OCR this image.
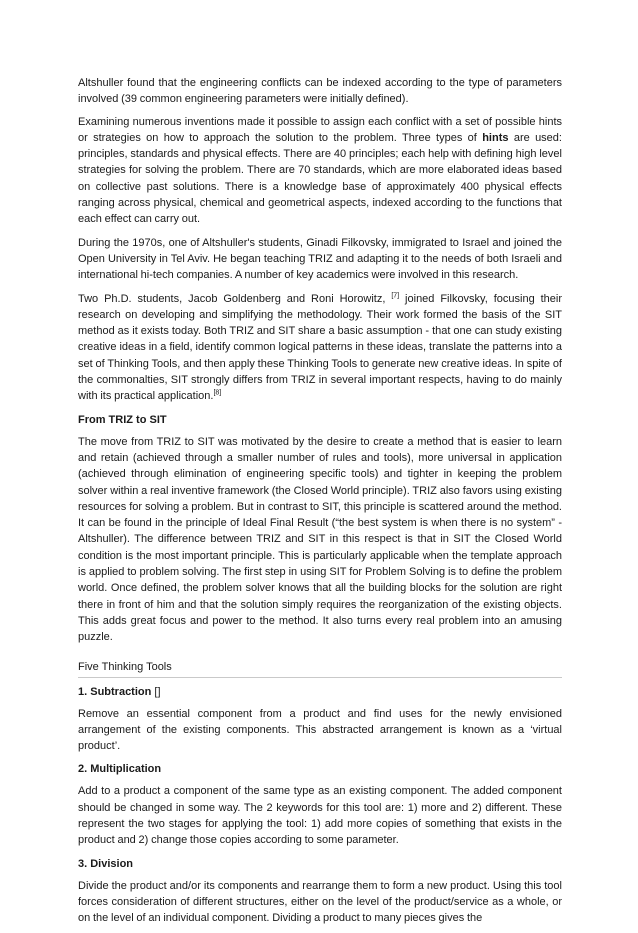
Altshuller found that the engineering conflicts can be indexed according to the type of parameters involved (39 common engineering parameters were initially defined).

Examining numerous inventions made it possible to assign each conflict with a set of possible hints or strategies on how to approach the solution to the problem. Three types of hints are used: principles, standards and physical effects. There are 40 principles; each help with defining high level strategies for solving the problem. There are 70 standards, which are more elaborated ideas based on collective past solutions. There is a knowledge base of approximately 400 physical effects ranging across physical, chemical and geometrical aspects, indexed according to the functions that each effect can carry out.

During the 1970s, one of Altshuller's students, Ginadi Filkovsky, immigrated to Israel and joined the Open University in Tel Aviv. He began teaching TRIZ and adapting it to the needs of both Israeli and international hi-tech companies. A number of key academics were involved in this research.

Two Ph.D. students, Jacob Goldenberg and Roni Horowitz, [7] joined Filkovsky, focusing their research on developing and simplifying the methodology. Their work formed the basis of the SIT method as it exists today. Both TRIZ and SIT share a basic assumption - that one can study existing creative ideas in a field, identify common logical patterns in these ideas, translate the patterns into a set of Thinking Tools, and then apply these Thinking Tools to generate new creative ideas. In spite of the commonalties, SIT strongly differs from TRIZ in several important respects, having to do mainly with its practical application.[8]

From TRIZ to SIT

The move from TRIZ to SIT was motivated by the desire to create a method that is easier to learn and retain (achieved through a smaller number of rules and tools), more universal in application (achieved through elimination of engineering specific tools) and tighter in keeping the problem solver within a real inventive framework (the Closed World principle). TRIZ also favors using existing resources for solving a problem. But in contrast to SIT, this principle is scattered around the method. It can be found in the principle of Ideal Final Result (“the best system is when there is no system” - Altshuller). The difference between TRIZ and SIT in this respect is that in SIT the Closed World condition is the most important principle. This is particularly applicable when the template approach is applied to problem solving. The first step in using SIT for Problem Solving is to define the problem world. Once defined, the problem solver knows that all the building blocks for the solution are right there in front of him and that the solution simply requires the reorganization of the existing objects. This adds great focus and power to the method. It also turns every real problem into an amusing puzzle.

Five Thinking Tools
1. Subtraction []

Remove an essential component from a product and find uses for the newly envisioned arrangement of the existing components. This abstracted arrangement is known as a ‘virtual product’.

2. Multiplication

Add to a product a component of the same type as an existing component. The added component should be changed in some way. The 2 keywords for this tool are: 1) more and 2) different. These represent the two stages for applying the tool: 1) add more copies of something that exists in the product and 2) change those copies according to some parameter.

3. Division

Divide the product and/or its components and rearrange them to form a new product. Using this tool forces consideration of different structures, either on the level of the product/service as a whole, or on the level of an individual component. Dividing a product to many pieces gives the
